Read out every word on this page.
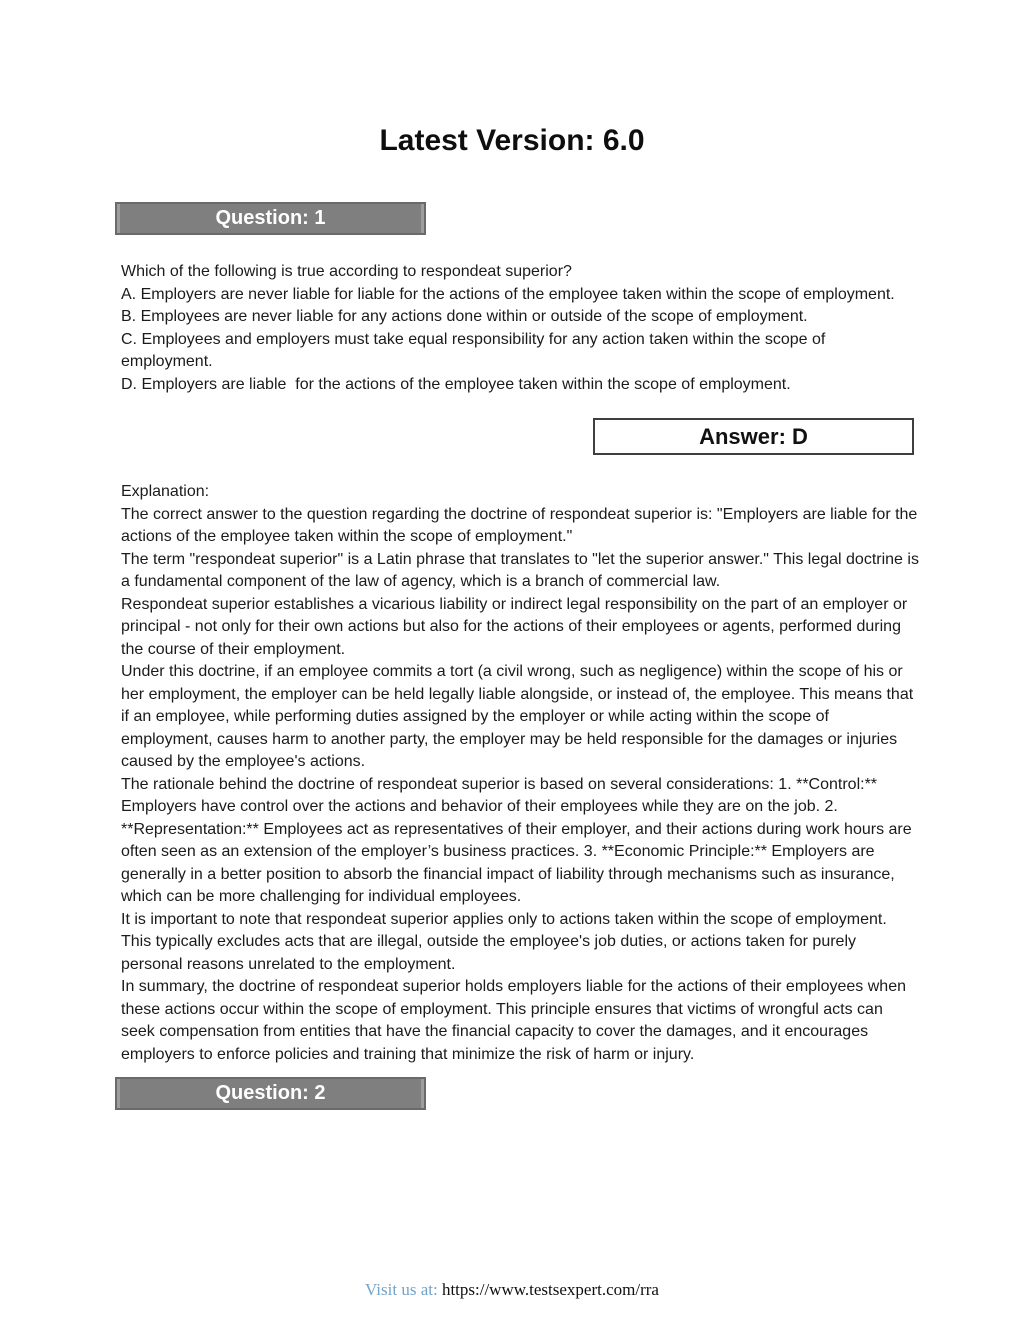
Latest Version: 6.0
Question: 1

Which of the following is true according to respondeat superior?

A. Employers are never liable for liable for the actions of the employee taken within the scope of employment.

B. Employees are never liable for any actions done within or outside of the scope of employment.

C. Employees and employers must take equal responsibility for any action taken within the scope of employment.

D. Employers are liable  for the actions of the employee taken within the scope of employment.

Answer: D

Explanation:

The correct answer to the question regarding the doctrine of respondeat superior is: "Employers are liable for the actions of the employee taken within the scope of employment."

The term "respondeat superior" is a Latin phrase that translates to "let the superior answer." This legal doctrine is a fundamental component of the law of agency, which is a branch of commercial law.

Respondeat superior establishes a vicarious liability or indirect legal responsibility on the part of an employer or principal - not only for their own actions but also for the actions of their employees or agents, performed during the course of their employment.

Under this doctrine, if an employee commits a tort (a civil wrong, such as negligence) within the scope of his or her employment, the employer can be held legally liable alongside, or instead of, the employee. This means that if an employee, while performing duties assigned by the employer or while acting within the scope of employment, causes harm to another party, the employer may be held responsible for the damages or injuries caused by the employee's actions.

The rationale behind the doctrine of respondeat superior is based on several considerations: 1. **Control:** Employers have control over the actions and behavior of their employees while they are on the job. 2. **Representation:** Employees act as representatives of their employer, and their actions during work hours are often seen as an extension of the employer’s business practices. 3. **Economic Principle:** Employers are generally in a better position to absorb the financial impact of liability through mechanisms such as insurance, which can be more challenging for individual employees.

It is important to note that respondeat superior applies only to actions taken within the scope of employment. This typically excludes acts that are illegal, outside the employee's job duties, or actions taken for purely personal reasons unrelated to the employment.

In summary, the doctrine of respondeat superior holds employers liable for the actions of their employees when these actions occur within the scope of employment. This principle ensures that victims of wrongful acts can seek compensation from entities that have the financial capacity to cover the damages, and it encourages employers to enforce policies and training that minimize the risk of harm or injury.

Question: 2
Visit us at: https://www.testsexpert.com/rra
